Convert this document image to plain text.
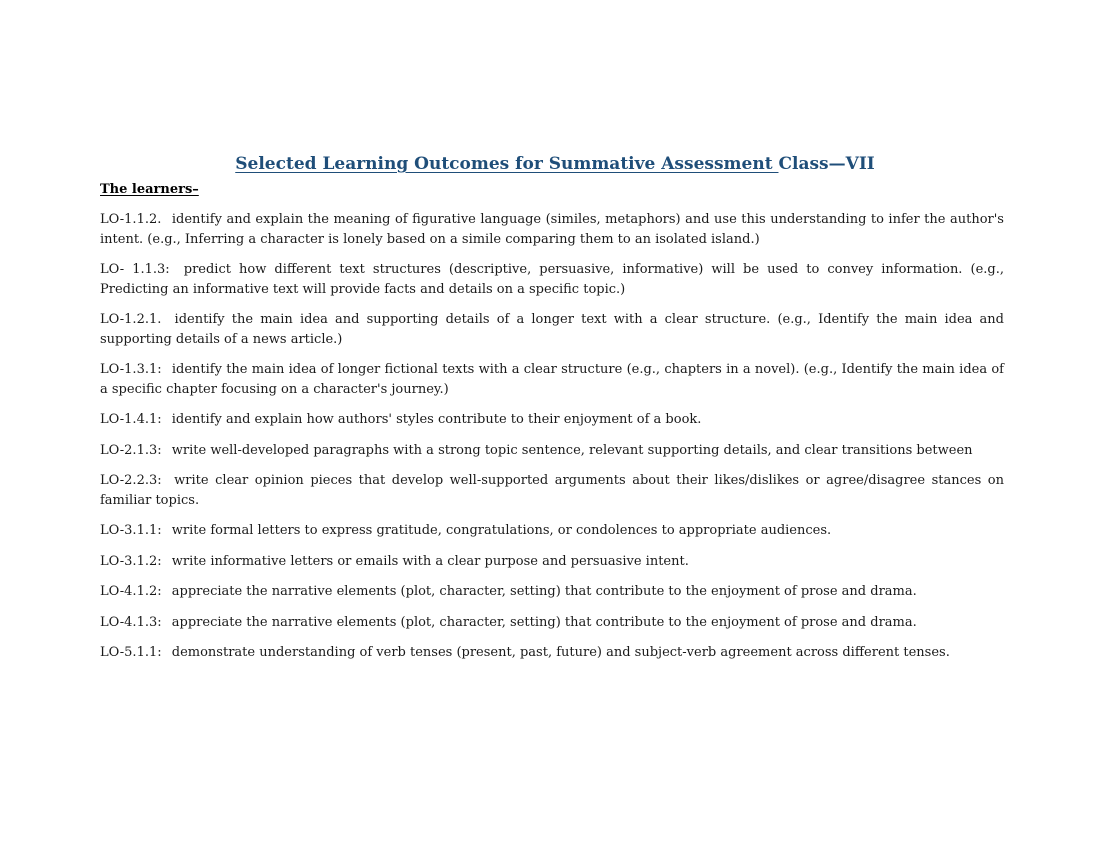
Selected Learning Outcomes for Summative Assessment Class—VII
The learners–
LO-1.1.2. identify and explain the meaning of figurative language (similes, metaphors) and use this understanding to infer the author's intent. (e.g., Inferring a character is lonely based on a simile comparing them to an isolated island.)
LO- 1.1.3: predict how different text structures (descriptive, persuasive, informative) will be used to convey information. (e.g., Predicting an informative text will provide facts and details on a specific topic.)
LO-1.2.1. identify the main idea and supporting details of a longer text with a clear structure. (e.g., Identify the main idea and supporting details of a news article.)
LO-1.3.1: identify the main idea of longer fictional texts with a clear structure (e.g., chapters in a novel). (e.g., Identify the main idea of a specific chapter focusing on a character's journey.)
LO-1.4.1: identify and explain how authors' styles contribute to their enjoyment of a book.
LO-2.1.3: write well-developed paragraphs with a strong topic sentence, relevant supporting details, and clear transitions between
LO-2.2.3: write clear opinion pieces that develop well-supported arguments about their likes/dislikes or agree/disagree stances on familiar topics.
LO-3.1.1: write formal letters to express gratitude, congratulations, or condolences to appropriate audiences.
LO-3.1.2: write informative letters or emails with a clear purpose and persuasive intent.
LO-4.1.2: appreciate the narrative elements (plot, character, setting) that contribute to the enjoyment of prose and drama.
LO-4.1.3: appreciate the narrative elements (plot, character, setting) that contribute to the enjoyment of prose and drama.
LO-5.1.1: demonstrate understanding of verb tenses (present, past, future) and subject-verb agreement across different tenses.
